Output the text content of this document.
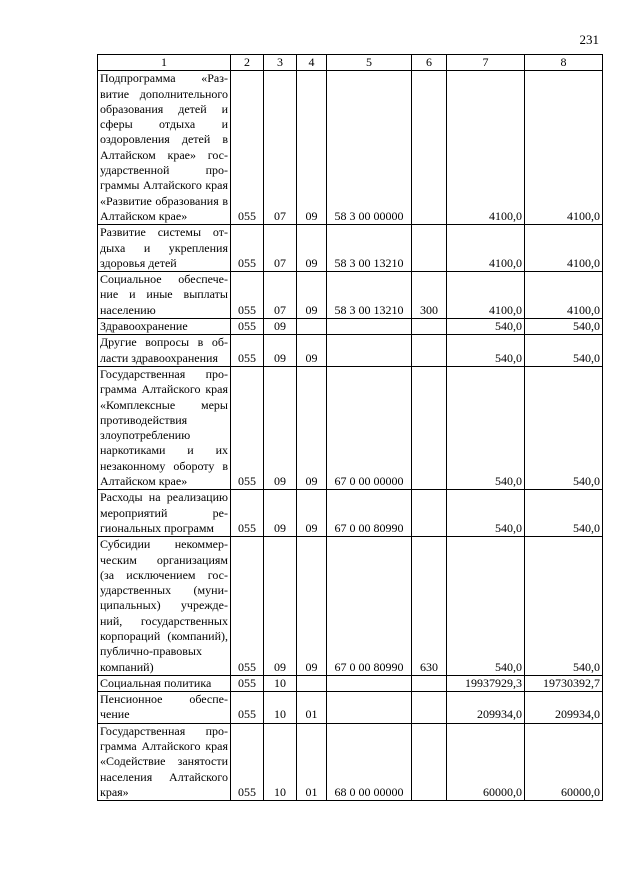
231
1	2	3	4	5	6	7	8
Подпрограмма «Развитие дополнительного образования детей и сферы отдыха и оздоровления детей в Алтайском крае» государственной программы Алтайского края «Развитие образования в Алтайском крае»	055	07	09	58 3 00 00000		4100,0	4100,0
Развитие системы отдыха и укрепления здоровья детей	055	07	09	58 3 00 13210		4100,0	4100,0
Социальное обеспечение и иные выплаты населению	055	07	09	58 3 00 13210	300	4100,0	4100,0
Здравоохранение	055	09				540,0	540,0
Другие вопросы в области здравоохранения	055	09	09			540,0	540,0
Государственная программа Алтайского края «Комплексные меры противодействия злоупотреблению наркотиками и их незаконному обороту в Алтайском крае»	055	09	09	67 0 00 00000		540,0	540,0
Расходы на реализацию мероприятий региональных программ	055	09	09	67 0 00 80990		540,0	540,0
Субсидии некоммерческим организациям (за исключением государственных (муниципальных) учреждений, государственных корпораций (компаний), публично-правовых компаний)	055	09	09	67 0 00 80990	630	540,0	540,0
Социальная политика	055	10				19937929,3	19730392,7
Пенсионное обеспечение	055	10	01			209934,0	209934,0
Государственная программа Алтайского края «Содействие занятости населения Алтайского края»	055	10	01	68 0 00 00000		60000,0	60000,0
